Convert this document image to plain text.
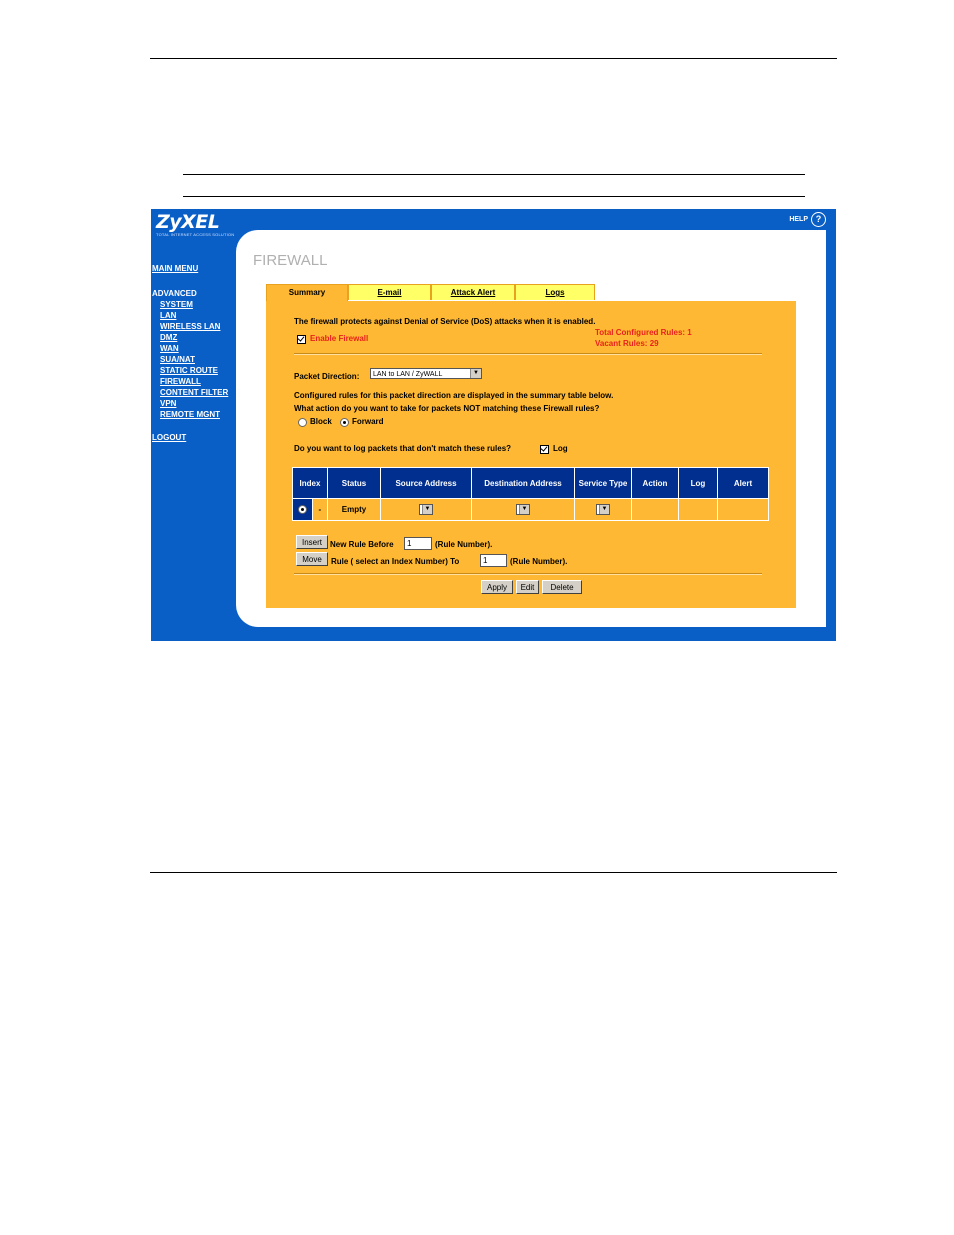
ZyXEL
TOTAL INTERNET ACCESS SOLUTION
HELP ?
MAIN MENU
ADVANCED
SYSTEM
LAN
WIRELESS LAN
DMZ
WAN
SUA/NAT
STATIC ROUTE
FIREWALL
CONTENT FILTER
VPN
REMOTE MGNT
LOGOUT
FIREWALL
Summary	E-mail	Attack Alert	Logs
The firewall protects against Denial of Service (DoS) attacks when it is enabled.
Enable Firewall
Total Configured Rules: 1
Vacant Rules: 29
Packet Direction:	LAN to LAN / ZyWALL	▼
Configured rules for this packet direction are displayed in the summary table below.
What action do you want to take for packets NOT matching these Firewall rules?
Block	Forward
Do you want to log packets that don't match these rules?	Log
Index		Status	Source Address	Destination Address	Service Type	Action	Log	Alert
	-	Empty	▼	▼	▼			

Insert	New Rule Before	1	(Rule Number).
Move	Rule ( select an Index Number) To	1	(Rule Number).
Apply	Edit	Delete
